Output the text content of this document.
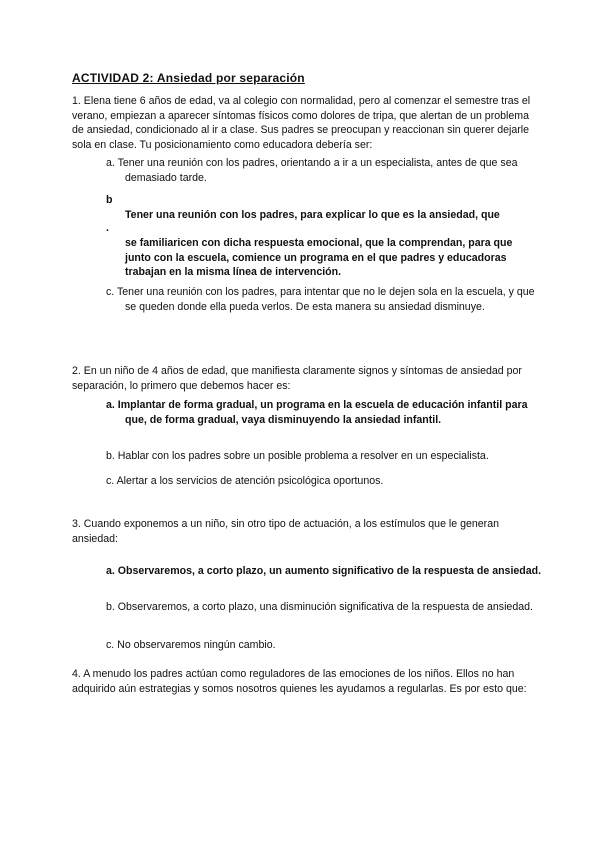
ACTIVIDAD 2: Ansiedad por separación
1. Elena tiene 6 años de edad, va al colegio con normalidad, pero al comenzar el semestre tras el verano, empiezan a aparecer síntomas físicos como dolores de tripa, que alertan de un problema de ansiedad, condicionado al ir a clase. Sus padres se preocupan y reaccionan sin querer dejarle sola en clase. Tu posicionamiento como educadora debería ser:
a. Tener una reunión con los padres, orientando a ir a un especialista, antes de que sea demasiado tarde.
b
.
Tener una reunión con los padres, para explicar lo que es la ansiedad, que
se familiaricen con dicha respuesta emocional, que la comprendan, para que junto con la escuela, comience un programa en el que padres y educadoras trabajan en la misma línea de intervención.
c. Tener una reunión con los padres, para intentar que no le dejen sola en la escuela, y que se queden donde ella pueda verlos. De esta manera su ansiedad disminuye.
2. En un niño de 4 años de edad, que manifiesta claramente signos y síntomas de ansiedad por separación, lo primero que debemos hacer es:
a. Implantar de forma gradual, un programa en la escuela de educación infantil para que, de forma gradual, vaya disminuyendo la ansiedad infantil.
b. Hablar con los padres sobre un posible problema a resolver en un especialista.
c. Alertar a los servicios de atención psicológica oportunos.
3. Cuando exponemos a un niño, sin otro tipo de actuación, a los estímulos que le generan ansiedad:
a. Observaremos, a corto plazo, un aumento significativo de la respuesta de ansiedad.
b. Observaremos, a corto plazo, una disminución significativa de la respuesta de ansiedad.
c. No observaremos ningún cambio.
4. A menudo los padres actúan como reguladores de las emociones de los niños. Ellos no han adquirido aún estrategias y somos nosotros quienes les ayudamos a regularlas. Es por esto que:
